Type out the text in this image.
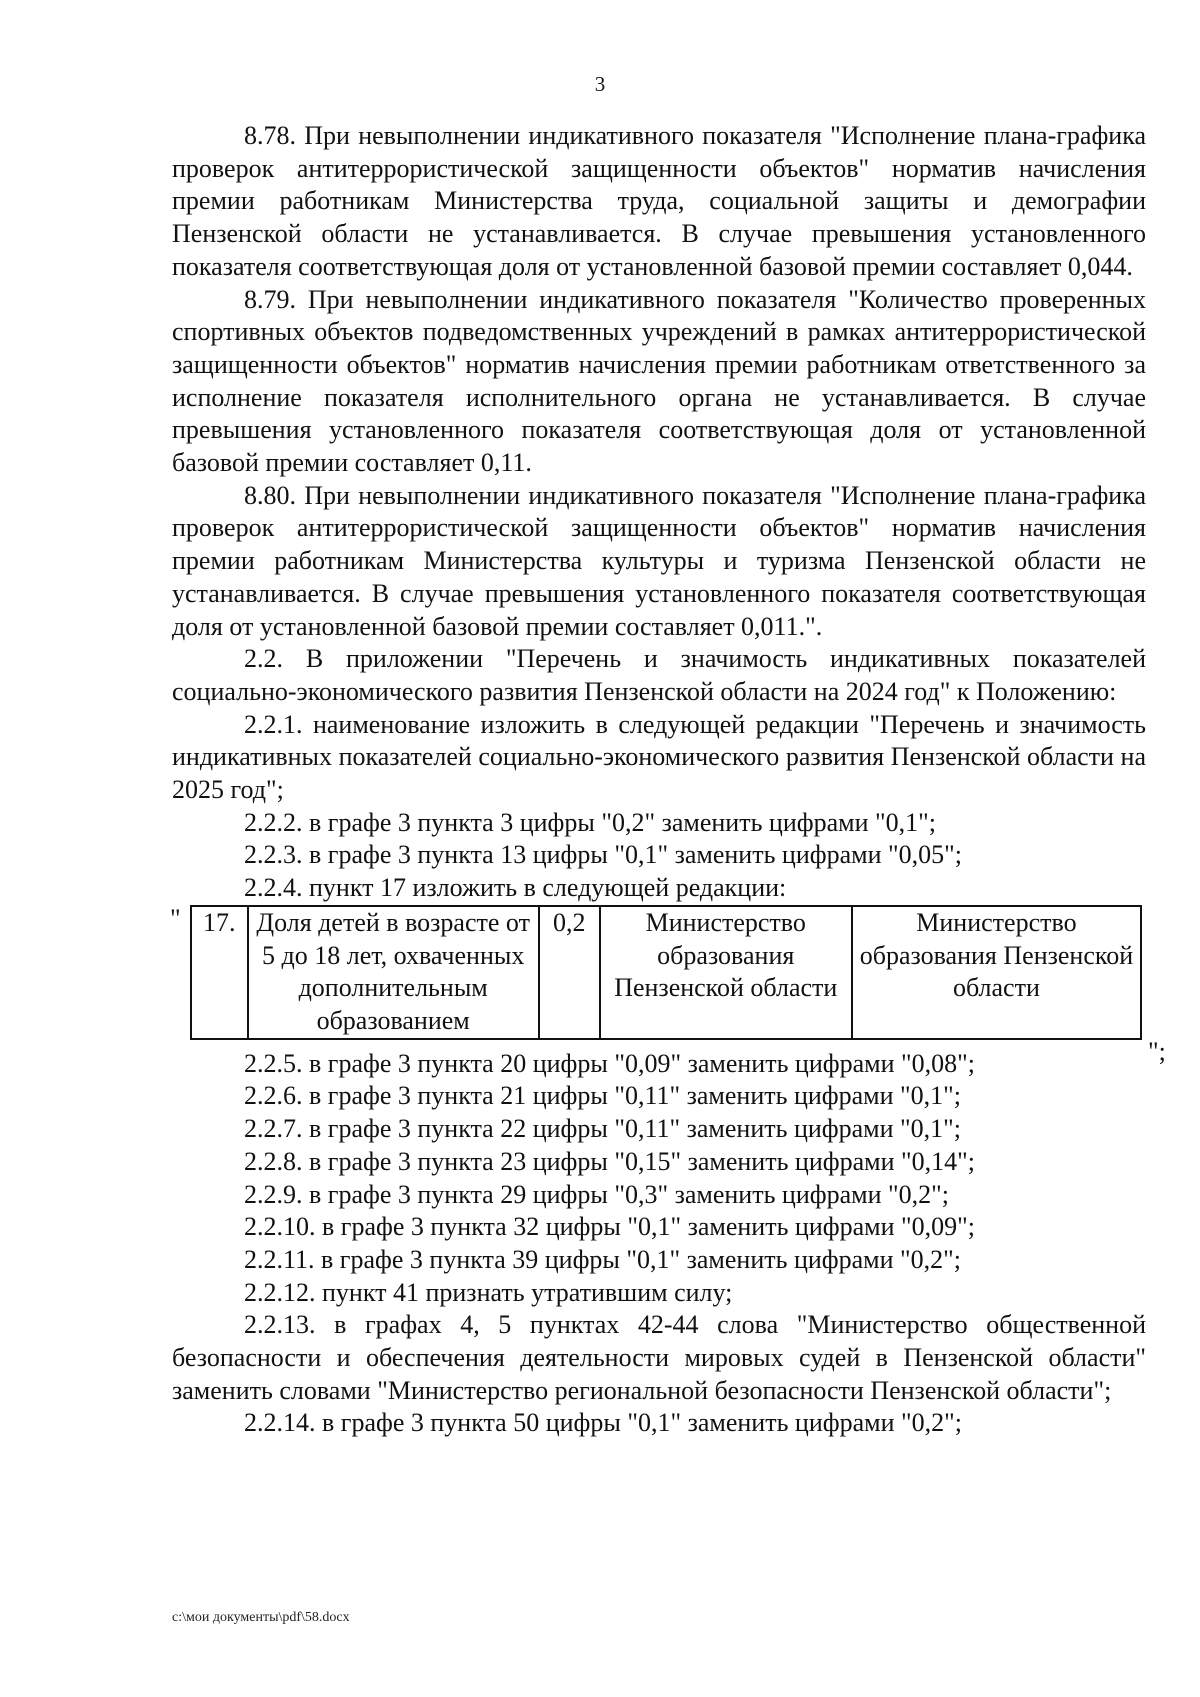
3

8.78. При невыполнении индикативного показателя "Исполнение плана-графика проверок антитеррористической защищенности объектов" норматив начисления премии работникам Министерства труда, социальной защиты и демографии Пензенской области не устанавливается. В случае превышения установленного показателя соответствующая доля от установленной базовой премии составляет 0,044.

8.79. При невыполнении индикативного показателя "Количество проверенных спортивных объектов подведомственных учреждений в рамках антитеррористической защищенности объектов" норматив начисления премии работникам ответственного за исполнение показателя исполнительного органа не устанавливается. В случае превышения установленного показателя соответствующая доля от установленной базовой премии составляет 0,11.

8.80. При невыполнении индикативного показателя "Исполнение плана-графика проверок антитеррористической защищенности объектов" норматив начисления премии работникам Министерства культуры и туризма Пензенской области не устанавливается. В случае превышения установленного показателя соответствующая доля от установленной базовой премии составляет 0,011.".

2.2. В приложении "Перечень и значимость индикативных показателей социально-экономического развития Пензенской области на 2024 год" к Положению:

2.2.1. наименование изложить в следующей редакции "Перечень и значимость индикативных показателей социально-экономического развития Пензенской области на 2025 год";

2.2.2. в графе 3 пункта 3 цифры "0,2" заменить цифрами "0,1";

2.2.3. в графе 3 пункта 13 цифры "0,1" заменить цифрами "0,05";

2.2.4. пункт 17 изложить в следующей редакции:

" 17.	Доля детей в возрасте от 5 до 18 лет, охваченных дополнительным образованием	0,2	Министерство образования Пензенской области	Министерство образования Пензенской области
";

2.2.5. в графе 3 пункта 20 цифры "0,09" заменить цифрами "0,08";

2.2.6. в графе 3 пункта 21 цифры "0,11" заменить цифрами "0,1";

2.2.7. в графе 3 пункта 22 цифры "0,11" заменить цифрами "0,1";

2.2.8. в графе 3 пункта 23 цифры "0,15" заменить цифрами "0,14";

2.2.9. в графе 3 пункта 29 цифры "0,3" заменить цифрами "0,2";

2.2.10. в графе 3 пункта 32 цифры "0,1" заменить цифрами "0,09";

2.2.11. в графе 3 пункта 39 цифры "0,1" заменить цифрами "0,2";

2.2.12. пункт 41 признать утратившим силу;

2.2.13. в графах 4, 5 пунктах 42-44 слова "Министерство общественной безопасности и обеспечения деятельности мировых судей в Пензенской области" заменить словами "Министерство региональной безопасности Пензенской области";

2.2.14. в графе 3 пункта 50 цифры "0,1" заменить цифрами "0,2";

c:\мои документы\pdf\58.docx
